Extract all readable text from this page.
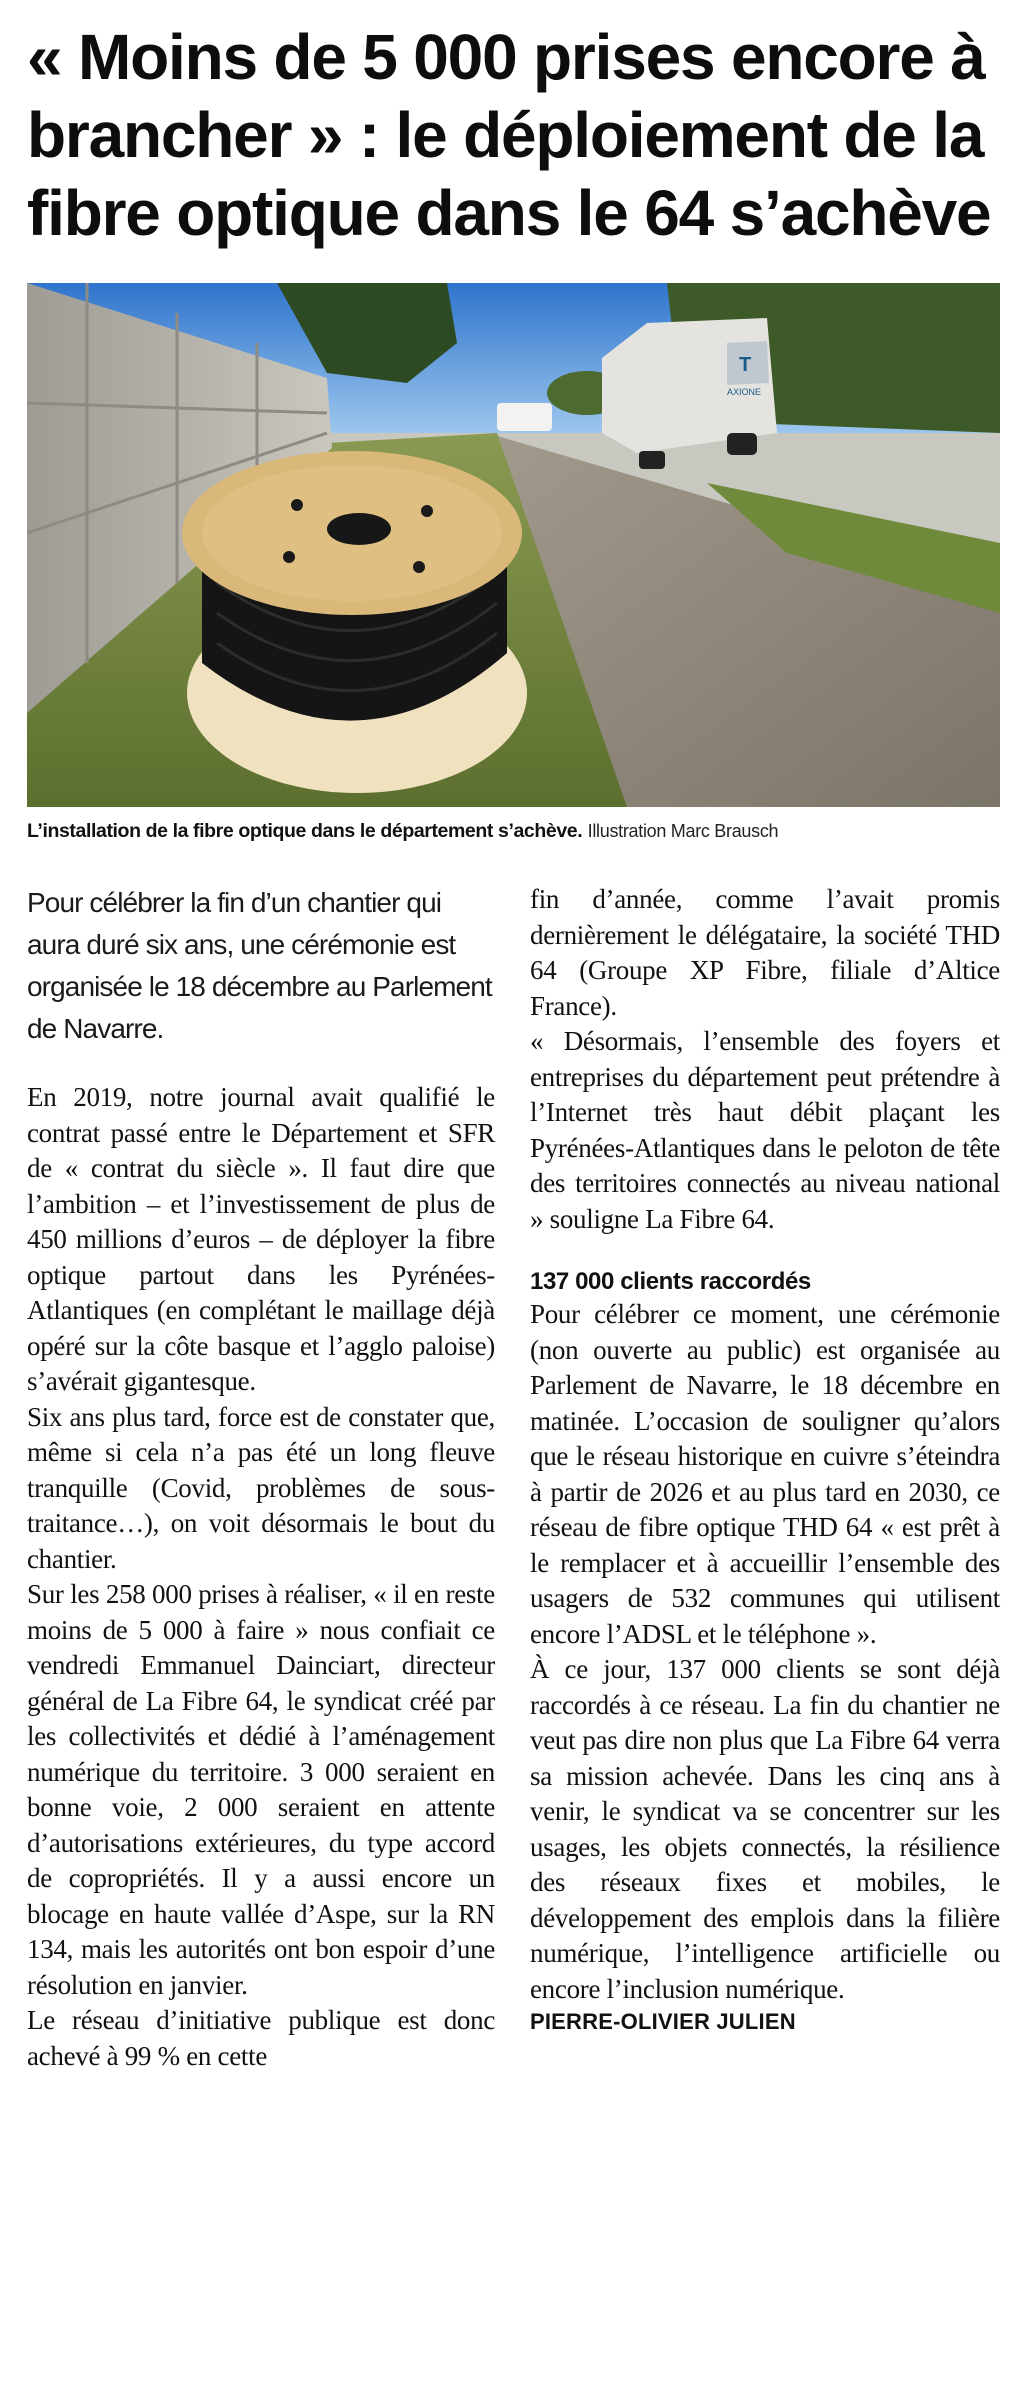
« Moins de 5 000 prises encore à brancher » : le déploiement de la fibre optique dans le 64 s’achève
T
AXIONE
L’installation de la fibre optique dans le département s’achève. Illustration Marc Brausch

Pour célébrer la fin d’un chantier qui aura duré six ans, une cérémonie est organisée le 18 décembre au Parlement de Navarre.

En 2019, notre journal avait qualifié le contrat passé entre le Département et SFR de « contrat du siècle ». Il faut dire que l’ambition – et l’investissement de plus de 450 millions d’euros – de déployer la fibre optique partout dans les Pyrénées-Atlantiques (en complétant le maillage déjà opéré sur la côte basque et l’agglo paloise) s’avérait gigantesque.

Six ans plus tard, force est de constater que, même si cela n’a pas été un long fleuve tranquille (Covid, problèmes de sous-traitance…), on voit désormais le bout du chantier.

Sur les 258 000 prises à réaliser, « il en reste moins de 5 000 à faire » nous confiait ce vendredi Emmanuel Dainciart, directeur général de La Fibre 64, le syndicat créé par les collectivités et dédié à l’aménagement numérique du territoire. 3 000 seraient en bonne voie, 2 000 seraient en attente d’autorisations extérieures, du type accord de copropriétés. Il y a aussi encore un blocage en haute vallée d’Aspe, sur la RN 134, mais les autorités ont bon espoir d’une résolution en janvier.

Le réseau d’initiative publique est donc achevé à 99 % en cette

fin d’année, comme l’avait promis dernièrement le délégataire, la société THD 64 (Groupe XP Fibre, filiale d’Altice France).

« Désormais, l’ensemble des foyers et entreprises du département peut prétendre à l’Internet très haut débit plaçant les Pyrénées-Atlantiques dans le peloton de tête des territoires connectés au niveau national » souligne La Fibre 64.

137 000 clients raccordés

Pour célébrer ce moment, une cérémonie (non ouverte au public) est organisée au Parlement de Navarre, le 18 décembre en matinée. L’occasion de souligner qu’alors que le réseau historique en cuivre s’éteindra à partir de 2026 et au plus tard en 2030, ce réseau de fibre optique THD 64 « est prêt à le remplacer et à accueillir l’ensemble des usagers de 532 communes qui utilisent encore l’ADSL et le téléphone ».

À ce jour, 137 000 clients se sont déjà raccordés à ce réseau. La fin du chantier ne veut pas dire non plus que La Fibre 64 verra sa mission achevée. Dans les cinq ans à venir, le syndicat va se concentrer sur les usages, les objets connectés, la résilience des réseaux fixes et mobiles, le développement des emplois dans la filière numérique, l’intelligence artificielle ou encore l’inclusion numérique.

PIERRE-OLIVIER JULIEN
